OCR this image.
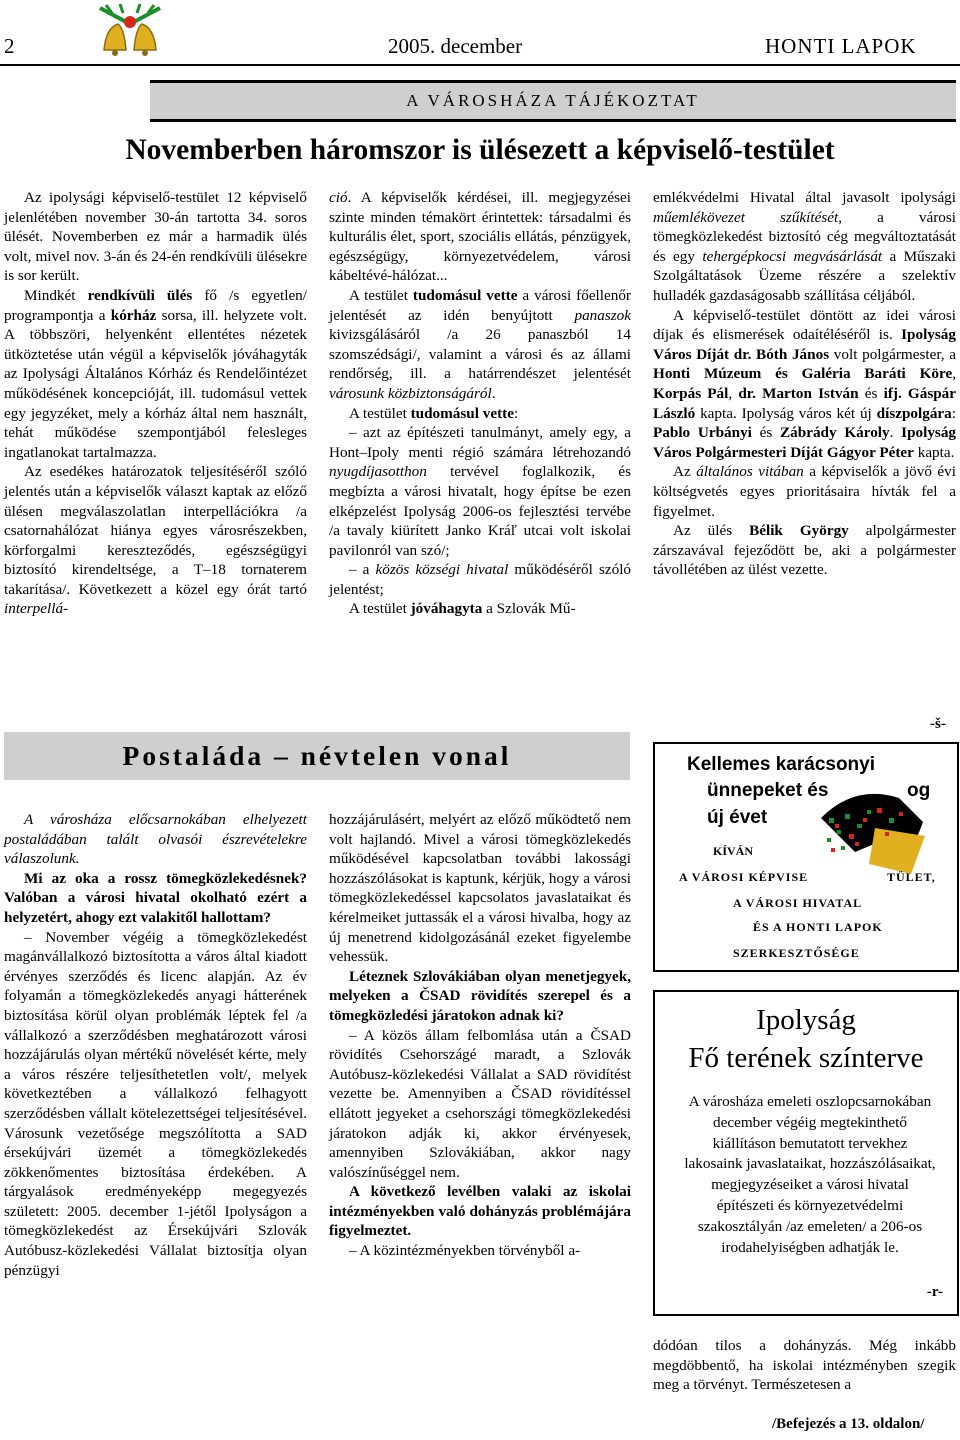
2	2005. december	HONTI LAPOK
A VÁROSHÁZA TÁJÉKOZTAT
Novemberben háromszor is ülésezett a képviselő-testület

Az ipolysági képviselő-testület 12 képviselő jelenlétében november 30-án tartotta 34. soros ülését. Novemberben ez már a harmadik ülés volt, mivel nov. 3-án és 24-én rendkívüli ülésekre is sor került.

Mindkét rendkívüli ülés fő /s egyetlen/ programpontja a kórház sorsa, ill. helyzete volt. A többszöri, helyenként ellentétes nézetek ütköztetése után végül a képviselők jóváhagyták az Ipolysági Általános Kórház és Rendelőintézet működésének koncepcióját, ill. tudomásul vettek egy jegyzéket, mely a kórház által nem használt, tehát működése szempontjából felesleges ingatlanokat tartalmazza.

Az esedékes határozatok teljesítéséről szóló jelentés után a képviselők választ kaptak az előző ülésen megválaszolatlan interpellációkra /a csatornahálózat hiánya egyes városrészekben, körforgalmi kereszteződés, egészségügyi biztosító kirendeltsége, a T–18 tornaterem takarítása/. Következett a közel egy órát tartó interpellá-

ció. A képviselők kérdései, ill. megjegyzései szinte minden témakört érintettek: társadalmi és kulturális élet, sport, szociális ellátás, pénzügyek, egészségügy, környezetvédelem, városi kábeltévé-hálózat...

A testület tudomásul vette a városi főellenőr jelentését az idén benyújtott panaszok kivizsgálásáról /a 26 panaszból 14 szomszédsági/, valamint a városi és az állami rendőrség, ill. a határrendészet jelentését városunk közbiztonságáról.

A testület tudomásul vette:

– azt az építészeti tanulmányt, amely egy, a Hont–Ipoly menti régió számára létrehozandó nyugdíjasotthon tervével foglalkozik, és megbízta a városi hivatalt, hogy építse be ezen elképzelést Ipolyság 2006-os fejlesztési tervébe /a tavaly kiürített Janko Kráľ utcai volt iskolai pavilonról van szó/;

– a közös községi hivatal működéséről szóló jelentést;

A testület jóváhagyta a Szlovák Mű-

emlékvédelmi Hivatal által javasolt ipolysági műemlékövezet szűkítését, a városi tömegközlekedést biztosító cég megváltoztatását és egy tehergépkocsi megvásárlását a Műszaki Szolgáltatások Üzeme részére a szelektív hulladék gazdaságosabb szállítása céljából.

A képviselő-testület döntött az idei városi díjak és elismerések odaítéléséről is. Ipolyság Város Díját dr. Bóth János volt polgármester, a Honti Múzeum és Galéria Baráti Köre, Korpás Pál, dr. Marton István és ifj. Gáspár László kapta. Ipolyság város két új díszpolgára: Pablo Urbányi és Zábrády Károly. Ipolyság Város Polgármesteri Díját Gágyor Péter kapta.

Az általános vitában a képviselők a jövő évi költségvetés egyes prioritásaira hívták fel a figyelmet.

Az ülés Bélik György alpolgármester zárszavával fejeződött be, aki a polgármester távollétében az ülést vezette.

-š-
Postaláda – névtelen vonal

A városháza előcsarnokában elhelyezett postaládában talált olvasói észrevételekre válaszolunk.

Mi az oka a rossz tömegközlekedésnek? Valóban a városi hivatal okolható ezért a helyzetért, ahogy ezt valakitől hallottam?

– November végéig a tömegközlekedést magánvállalkozó biztosította a város által kiadott érvényes szerződés és licenc alapján. Az év folyamán a tömegközlekedés anyagi hátterének biztosítása körül olyan problémák léptek fel /a vállalkozó a szerződésben meghatározott városi hozzájárulás olyan mértékű növelését kérte, mely a város részére teljesíthetetlen volt/, melyek következtében a vállalkozó felhagyott szerződésben vállalt kötelezettségei teljesítésével. Városunk vezetősége megszólította a SAD érsekújvári üzemét a tömegközlekedés zökkenőmentes biztosítása érdekében. A tárgyalások eredményeképp megegyezés született: 2005. december 1-jétől Ipolyságon a tömegközlekedést az Érsekújvári Szlovák Autóbusz-közlekedési Vállalat biztosítja olyan pénzügyi

hozzájárulásért, melyért az előző működtető nem volt hajlandó. Mivel a városi tömegközlekedés működésével kapcsolatban további lakossági hozzászólásokat is kaptunk, kérjük, hogy a városi tömegközlekedéssel kapcsolatos javaslataikat és kérelmeiket juttassák el a városi hivalba, hogy az új menetrend kidolgozásánál ezeket figyelembe vehessük.

Léteznek Szlovákiában olyan menetjegyek, melyeken a ČSAD rövidítés szerepel és a tömegközledési járatokon adnak ki?

– A közös állam felbomlása után a ČSAD rövidítés Csehországé maradt, a Szlovák Autóbusz-közlekedési Vállalat a SAD rövidítést vezette be. Amennyiben a ČSAD rövidítéssel ellátott jegyeket a csehországi tömegközlekedési járatokon adják ki, akkor érvényesek, amennyiben Szlovákiában, akkor nagy valószínűséggel nem.

A következő levélben valaki az iskolai intézményekben való dohányzás problémájára figyelmeztet.

– A közintézményekben törvényből a-

Kellemes karácsonyi
ünnepeket és	og
új évet
KÍVÁN
A VÁROSI KÉPVISE	TÜLET,
A VÁROSI HIVATAL
ÉS A HONTI LAPOK
SZERKESZTŐSÉGE
Ipolyság
Fő terének színterve
A városháza emeleti oszlopcsarnokában december végéig megtekinthető kiállításon bemutatott tervekhez lakosaink javaslataikat, hozzászólásaikat, megjegyzéseiket a városi hivatal építészeti és környezetvédelmi szakosztályán /az emeleten/ a 206-os irodahelyiségben adhatják le.
-r-

dódóan tilos a dohányzás. Még inkább megdöbbentő, ha iskolai intézményben szegik meg a törvényt. Természetesen a

/Befejezés a 13. oldalon/
